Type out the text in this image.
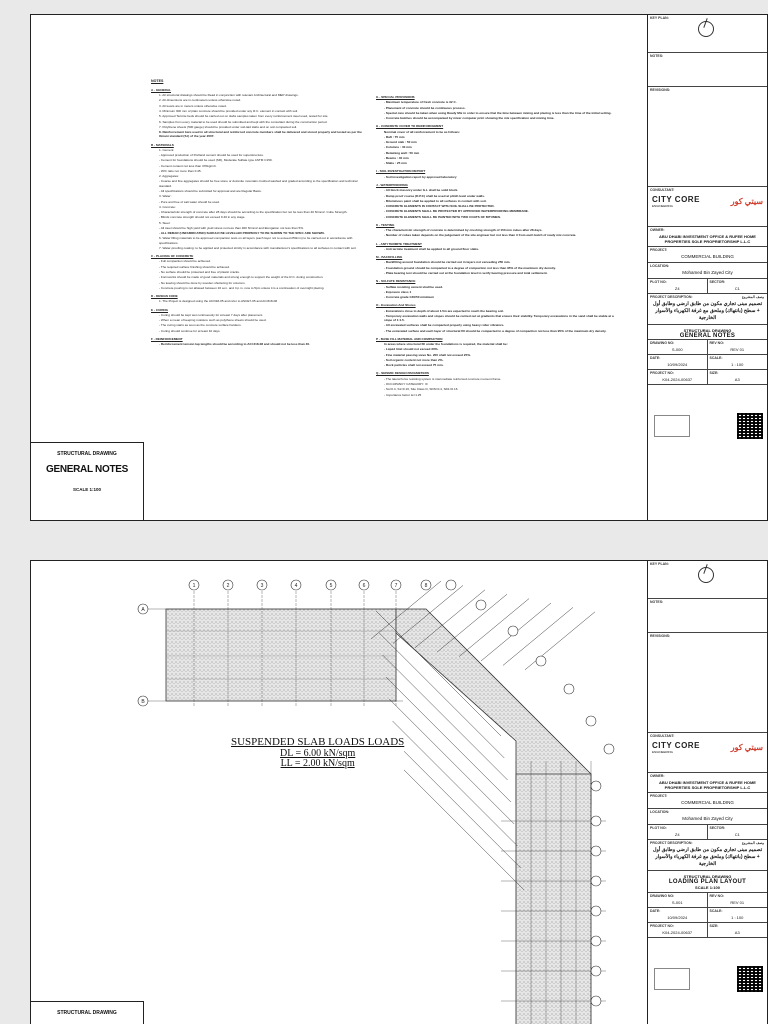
NOTES
A - GENERAL
1. All structural drawings should be Read in conjunction with relevant Architectural and MEP drawings.
2. All dimensions are in centimeters unless otherwise noted.
3. All levels are in meters unless otherwise noted.
4. Minimum 300 mm of plain concrete should be provided under any R.C. element in contact with soil.
5. Approved Termite beds should be carried out on slabs samples taken from every reinforcement steel used, tested for site.
6. Samples from every material to be used should be submitted and kept with the consultant during the construction period.
7. Polythene sheets (500 gauge) should be provided under soil-laid slabs and on soil compacted soil.
8. Reinforcement bars used in all structural and reinforced concrete members shall be delivered and stored properly and tested as per the Omani standard (S.I) of the year 2007.
B - MATERIALS
1. Cement:
- Approved production of Portland cement should be used for superstructure.
- Cement for foundations should be used (SR), Moderate Sulfate type ASTM C150.
- Cement content not less than 370kg/m3.
- W/C ratio not more than 0.45.
2. Aggregates:
- Coarse and fine aggregates should be free stone or dolomite mountain crushed washed and graded according to the specification and technical standard.
- All specifications should be submitted for approval and are Regular Basis.
3. Water:
- Pure and free of salt water should be used.
4. Concrete:
- Characteristic strength of concrete after 28 days should be according to the specification but not be less than 40 N/mm2. Cube Strength.
- Blinds concrete strength should not exceed 0.40 in any stage.
5. Steel:
- All steel should be high yield with yield stress not less than 460 N/mm2 and Elongation not less than 5%.
- ALL REBAR (UNFABRICATED) SHOULD BE LEVELLED PROPERLY TO BE SHOWN TO THE SPEC ARE SHOWN.
6. Water filling materials to be approved compaction tests on all layers (each layer not to exceed 250mm) to be carried out in accordance with specifications.
7. Water-proofing coating: to be applied and protected strictly in accordance with manufacturer's specifications to all surfaces in contact with soil.
C - PLACING OF CONCRETE
- Full compaction should be achieved.
- The required surface finishing should be achieved.
- No surface should be protected and free of plastic cracks.
- Formworks should be made of good materials and strong enough to support the weight of the R.C. during construction.
- No leaving should be done by wooden shuttering for columns.
- Concrete pouring is not allowed between 10 a.m. and 4 p.m. now to 5pm unless it is a continuation of overnight placing.
D - DESIGN CODE
1. The Project is designed using the ACI318-05 and refer to ASCE7-05 and ACI318-08
E - CURING
- Curing should be kept wet continuously for at least 7 days after placement.
- When a mean of keeping moisture such as polythene sheets should be used.
- The curing starts as soon as the concrete surface hardens.
- Curing should continue for at least 10 days.
F - REINFORCEMENT
- Reinforcement tension lap lengths should be according to ACI 318-08 and should not be less than 40.
G - SPECIAL PROVISIONS
- Maximum temperature of fresh concrete is 32 C.
- Placement of concrete should be continuous process.
- Special care should be taken when using Ready Mix in order to ensure that the time between mixing and placing is less than the time of the initial setting.
- Concrete batches should be accompanied by mixer computer print showing the mix specification and mixing time.
H - CONCRETE COVER TO REINFORCEMENT
Nominal cover of all reinforcement to be as follows:
- Raft : 75 mm
- Ground slab : 50 mm
- Columns : 40 mm
- Retaining wall : 50 mm
- Beams : 40 mm
- Slabs : 25 mm
I - SOIL INVESTIGATION REPORT
- Soil investigation report by approved laboratory
J - WATERPROOFING
- All block masonry under G.L shall be solid block.
- Damp proof course (D.P.C) shall be used at plinth level under walls.
- Bituminous paint shall be applied to all surfaces in contact with soil.
- CONCRETE ELEMENTS IN CONTACT WITH SOIL SHALL BE PROTECTED.
- CONCRETE ELEMENTS SHALL BE PROTECTED BY APPROVED WATERPROOFING MEMBRANE.
- CONCRETE ELEMENTS SHALL BE PAINTED WITH TWO COATS OF BITUMEN.
K - TESTING
- The characteristic strength of concrete is determined by crushing strength of 150 mm cubes after 28 days.
- Number of cubes taken depends on the judgement of the site engineer but not less than 3 from each batch of ready mix concrete.
L - ANTI TERMITE TREATMENT
- Anti termite treatment shall be applied to all ground floor slabs.
M - BACKFILLING
- Backfilling around foundation should be carried out in layers not exceeding 250 mm.
- Foundation ground should be compacted to a degree of compaction not less than 95% of the maximum dry density.
- Plate bearing test should be carried out at the foundation level to verify bearing pressure and total settlement.
N - SULFATE RESISTANCE
- Sulfate resisting cement shall be used.
- Exposure class 1
- Concrete grade C40/50 minimum
O - Excavation And Shores
- Excavations close to depth of about 1.5m are expected to reach the bearing soil.
- Temporary excavation walls and slopes should be carried out at gradients that ensure their stability. Temporary excavations in the sand shall be stable at a slope of 1:1.5.
- All excavated surfaces shall be compacted properly using heavy roller vibrators.
- The excavated surface and each layer of structural fill should be compacted to a degree of compaction not less than 95% of the maximum dry density.
P - BASE FILL MATERIAL AND COMPACTION
In areas where structural fill under the foundations is required, the material shall be:
- Liquid limit should not exceed 30%.
- Fine material passing sieve No. 200 shall not exceed 25%.
- Soil organic content not more than 2%.
- Rock particles shall not exceed 75 mm.
Q - SEISMIC DESIGN PARAMETERS
- The lateral force resisting system is intermediate reinforced concrete moment frame.
- OCCUPANCY CATEGORY: III
- Ss=0.4, S1=0.16, Site Class D, SDS=0.4, SD1=0.16
- Importance factor Ie=1.25
STRUCTURAL DRAWING
GENERAL NOTES
SCALE 1:100
KEY PLAN:
NOTES:
REVISIONS:
CONSULTANT:
CITY CORE
ENGINEERING	سيتي كور
OWNER:
ABU DHABI INVESTMENT OFFICE & RUFEE HOME PROPERTIES SOLE PROPRIETORSHIP L.L.C
PROJECT:
COMMERCIAL BUILDING
LOCATION:
Mohamed Bin Zayed City
PLOT NO:
Z4
SECTOR:
C1
PROJECT DESCRIPTION:	وصف المشروع
تصميم مبنى تجاري مكون من طابق ارضي وطابق أول + سطح (بانتهاك) وملحق مع غرفة الكهرباء والأسوار الخارجية
STRUCTURAL DRAWING
GENERAL NOTES
DRAWING NO:
S-000
REV NO:
REV 01
DATE:
10/09/2024
SCALE:
1 : 100
PROJECT NO:
K04-2024-00637
SIZE:
A3
1	2	3	4	5	6	7	8
A
B
SUSPENDED SLAB LOADS LOADS
DL = 6.00 kN/sqm
LL = 2.00 kN/sqm
STRUCTURAL DRAWING
KEY PLAN:
NOTES:
REVISIONS:
CONSULTANT:
CITY CORE
ENGINEERING	سيتي كور
OWNER:
ABU DHABI INVESTMENT OFFICE & RUFEE HOME PROPERTIES SOLE PROPRIETORSHIP L.L.C
PROJECT:
COMMERCIAL BUILDING
LOCATION:
Mohamed Bin Zayed City
PLOT NO:
Z4
SECTOR:
C1
PROJECT DESCRIPTION:	وصف المشروع
تصميم مبنى تجاري مكون من طابق ارضي وطابق أول + سطح (بانتهاك) وملحق مع غرفة الكهرباء والأسوار الخارجية
STRUCTURAL DRAWING
LOADING PLAN LAYOUT
SCALE 1:100
DRAWING NO:
S-001
REV NO:
REV 01
DATE:
10/09/2024
SCALE:
1 : 100
PROJECT NO:
K04-2024-00637
SIZE:
A3
